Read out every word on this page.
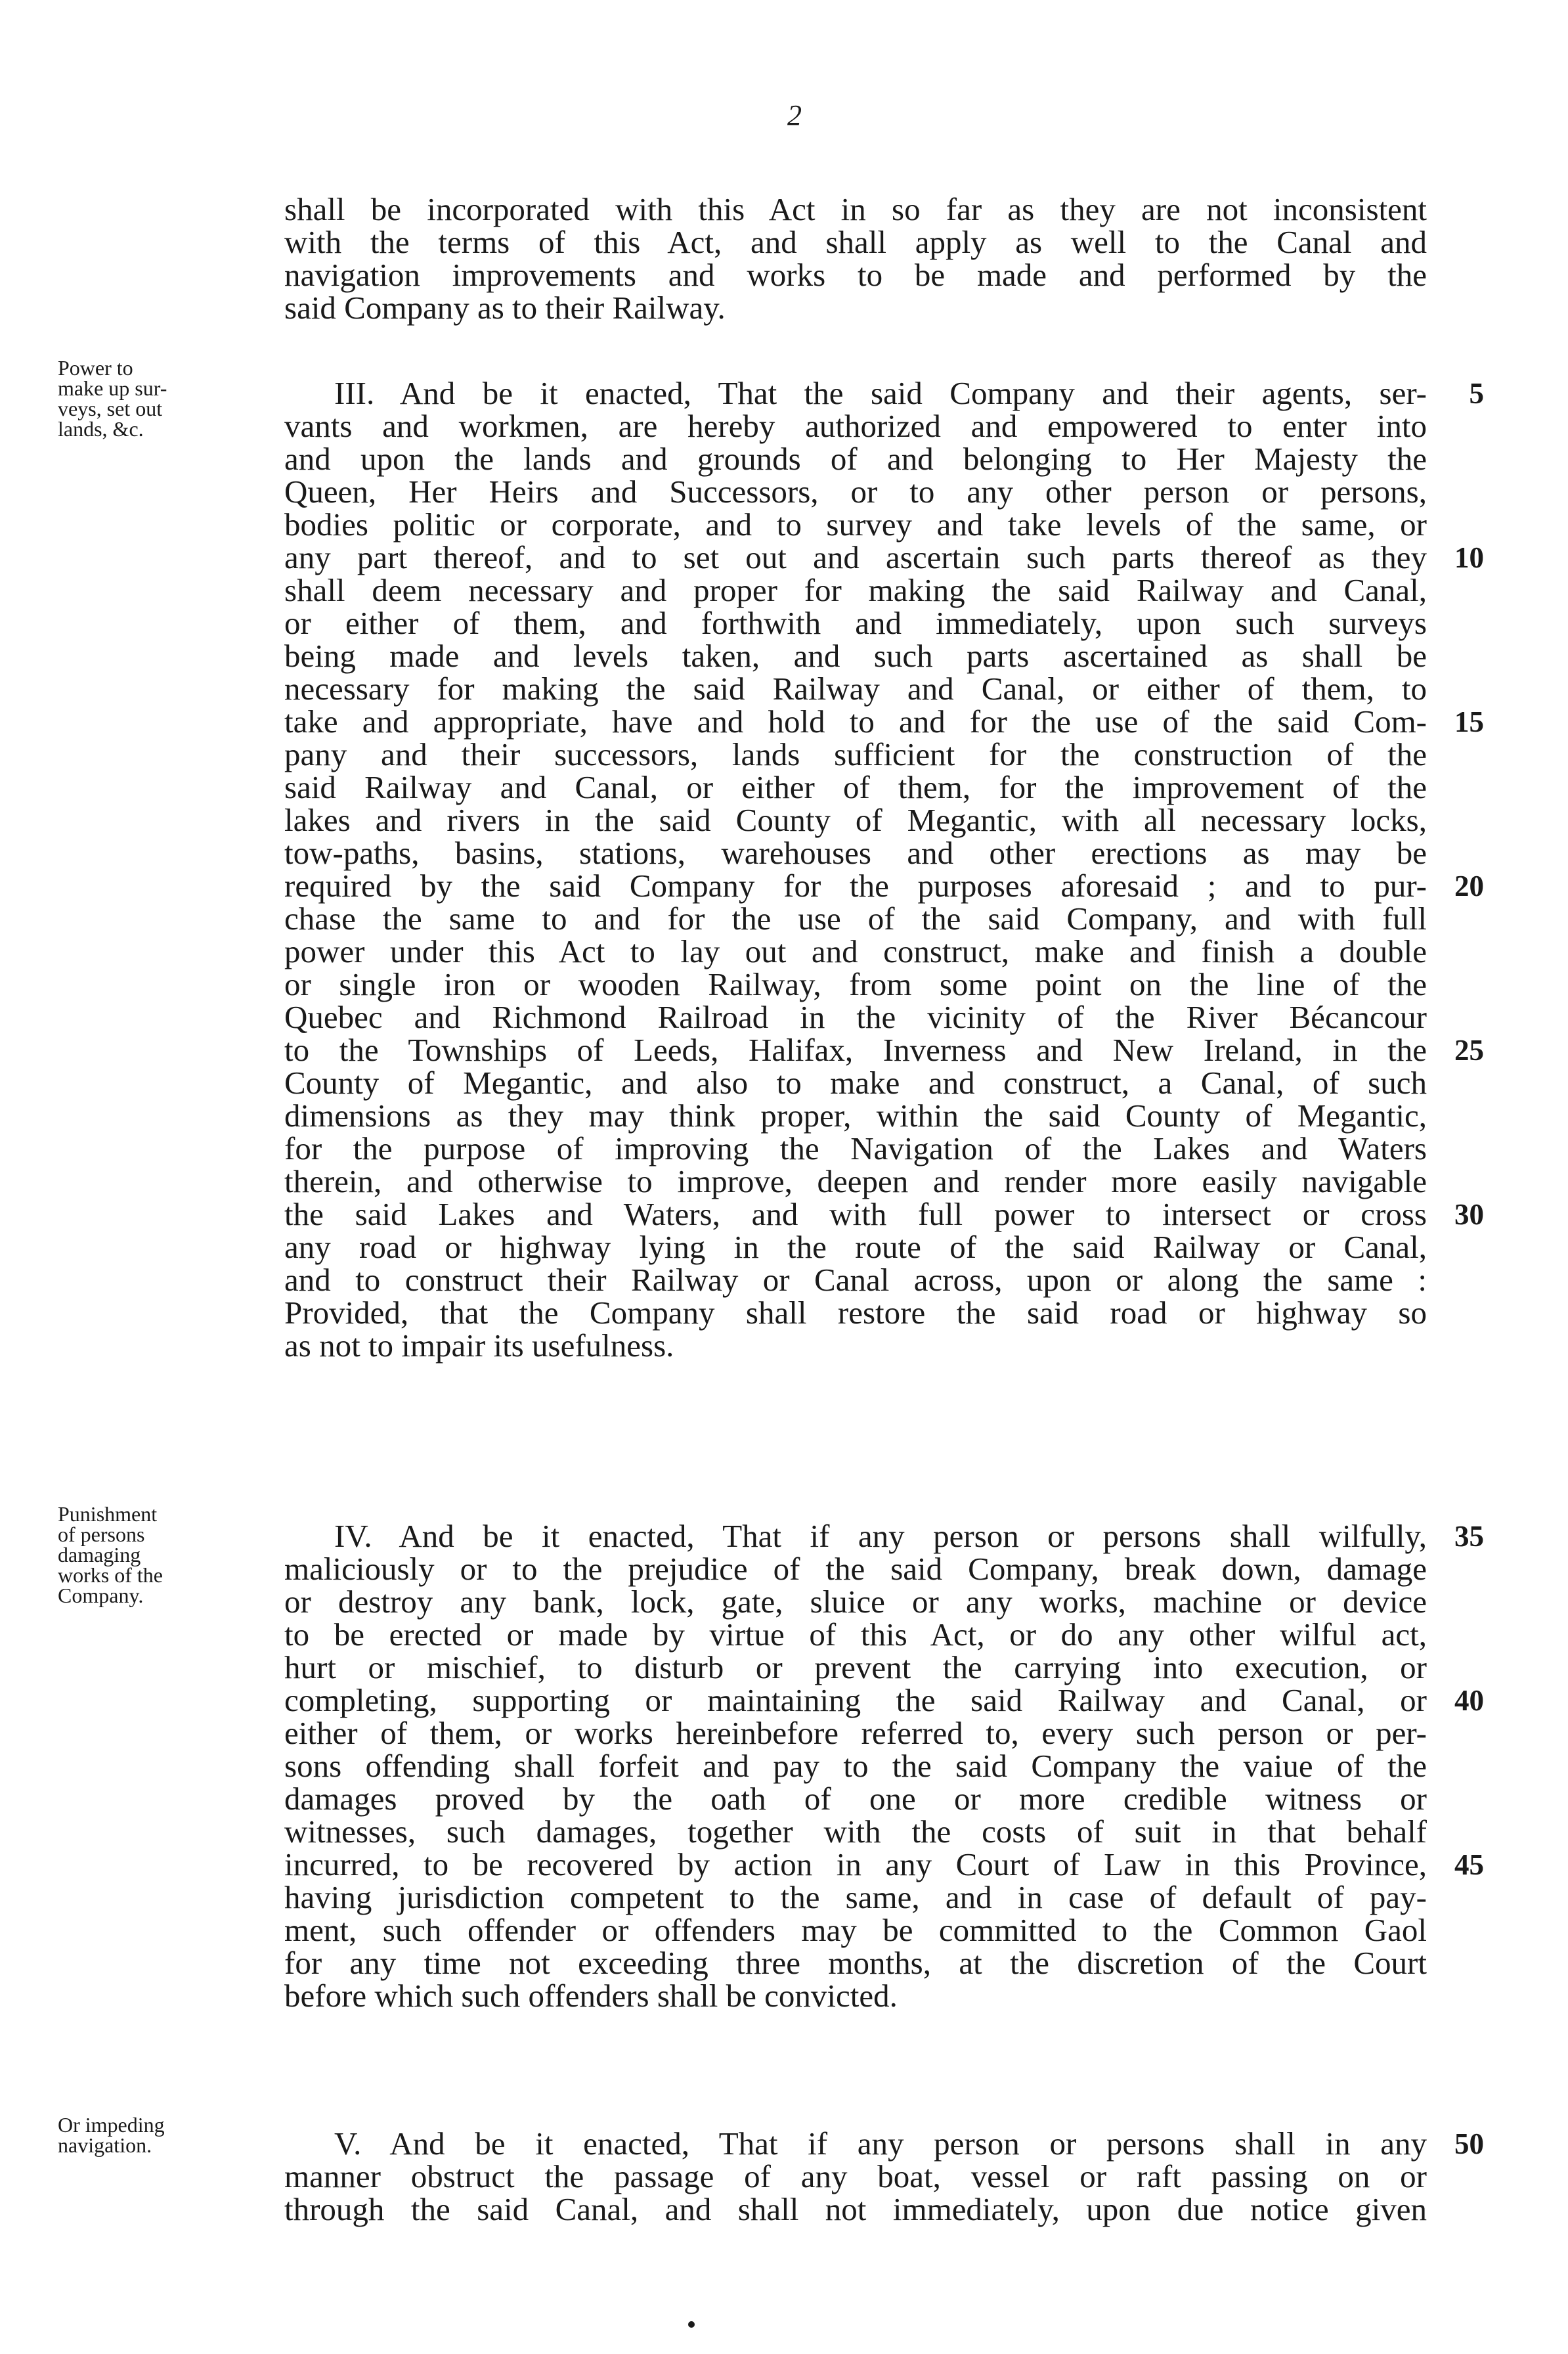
2
shall be incorporated with this Act in so far as they are not inconsistent
with the terms of this Act, and shall apply as well to the Canal and
navigation improvements and works to be made and performed by the
said Company as to their Railway.
III. And be it enacted, That the said Company and their agents, ser-
vants and workmen, are hereby authorized and empowered to enter into
and upon the lands and grounds of and belonging to Her Majesty the
Queen, Her Heirs and Successors, or to any other person or persons,
bodies politic or corporate, and to survey and take levels of the same, or
any part thereof, and to set out and ascertain such parts thereof as they
shall deem necessary and proper for making the said Railway and Canal,
or either of them, and forthwith and immediately, upon such surveys
being made and levels taken, and such parts ascertained as shall be
necessary for making the said Railway and Canal, or either of them, to
take and appropriate, have and hold to and for the use of the said Com-
pany and their successors, lands sufficient for the construction of the
said Railway and Canal, or either of them, for the improvement of the
lakes and rivers in the said County of Megantic, with all necessary locks,
tow-paths, basins, stations, warehouses and other erections as may be
required by the said Company for the purposes aforesaid ; and to pur-
chase the same to and for the use of the said Company, and with full
power under this Act to lay out and construct, make and finish a double
or single iron or wooden Railway, from some point on the line of the
Quebec and Richmond Railroad in the vicinity of the River Bécancour
to the Townships of Leeds, Halifax, Inverness and New Ireland, in the
County of Megantic, and also to make and construct, a Canal, of such
dimensions as they may think proper, within the said County of Megantic,
for the purpose of improving the Navigation of the Lakes and Waters
therein, and otherwise to improve, deepen and render more easily navigable
the said Lakes and Waters, and with full power to intersect or cross
any road or highway lying in the route of the said Railway or Canal,
and to construct their Railway or Canal across, upon or along the same :
Provided, that the Company shall restore the said road or highway so
as not to impair its usefulness.
IV. And be it enacted, That if any person or persons shall wilfully,
maliciously or to the prejudice of the said Company, break down, damage
or destroy any bank, lock, gate, sluice or any works, machine or device
to be erected or made by virtue of this Act, or do any other wilful act,
hurt or mischief, to disturb or prevent the carrying into execution, or
completing, supporting or maintaining the said Railway and Canal, or
either of them, or works hereinbefore referred to, every such person or per-
sons offending shall forfeit and pay to the said Company the vaiue of the
damages proved by the oath of one or more credible witness or
witnesses, such damages, together with the costs of suit in that behalf
incurred, to be recovered by action in any Court of Law in this Province,
having jurisdiction competent to the same, and in case of default of pay-
ment, such offender or offenders may be committed to the Common Gaol
for any time not exceeding three months, at the discretion of the Court
before which such offenders shall be convicted.
V. And be it enacted, That if any person or persons shall in any
manner obstruct the passage of any boat, vessel or raft passing on or
through the said Canal, and shall not immediately, upon due notice given
5
10
15
20
25
30
35
40
45
50
Power to
make up sur-
veys, set out
lands, &c.
Punishment
of persons
damaging
works of the
Company.
Or impeding
navigation.
